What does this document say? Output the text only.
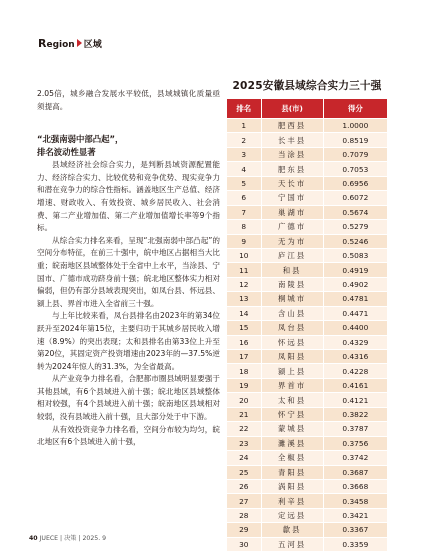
Region 区域

2.05倍，城乡融合发展水平较低，县域城镇化质量亟须提高。

“北强南弱中部凸起”，

排名波动性显著

县域经济社会综合实力，是判断县域资源配置能力、经济综合实力、比较优势和竞争优势、现实竞争力和潜在竞争力的综合性指标。涵盖地区生产总值、经济增速、财政收入、有效投资、城乡居民收入、社会消费、第二产业增加值、第二产业增加值增长率等9个指标。

从综合实力排名来看，呈现“北强南弱中部凸起”的空间分布特征，在前三十强中，皖中地区占据相当大比重；皖南地区县域整体处于全省中上水平，当涂县、宁国市、广德市成功跻身前十强；皖北地区整体实力相对偏弱，但仍有部分县域表现突出，如凤台县、怀远县、颍上县、界首市进入全省前三十强。

与上年比较来看，凤台县排名由2023年的第34位跃升至2024年第15位，主要归功于其城乡居民收入增速（8.9%）的突出表现；太和县排名由第33位上升至第20位，其固定资产投资增速由2023年的—37.5%逆转为2024年惊人的31.3%，为全省最高。

从产业竞争力排名看，合肥都市圈县域明显要强于其他县域，有6个县域进入前十强；皖北地区县域整体相对较强，有4个县域进入前十强；皖南地区县域相对较弱，没有县域进入前十强，且大部分处于中下游。

从有效投资竞争力排名看，空间分布较为均匀，皖北地区有6个县域进入前十强，

2025安徽县域综合实力三十强
排名	县(市)	得分
1	肥西县	1.0000
2	长丰县	0.8519
3	当涂县	0.7079
4	肥东县	0.7053
5	天长市	0.6956
6	宁国市	0.6072
7	巢湖市	0.5674
8	广德市	0.5279
9	无为市	0.5246
10	庐江县	0.5083
11	和县	0.4919
12	南陵县	0.4902
13	桐城市	0.4781
14	含山县	0.4471
15	凤台县	0.4400
16	怀远县	0.4329
17	凤阳县	0.4316
18	颍上县	0.4228
19	界首市	0.4161
20	太和县	0.4121
21	怀宁县	0.3822
22	蒙城县	0.3787
23	濉溪县	0.3756
24	全椒县	0.3742
25	青阳县	0.3687
26	涡阳县	0.3668
27	利辛县	0.3458
28	定远县	0.3421
29	歙县	0.3367
30	五河县	0.3359
40 JUECE | 决策 | 2025. 9
